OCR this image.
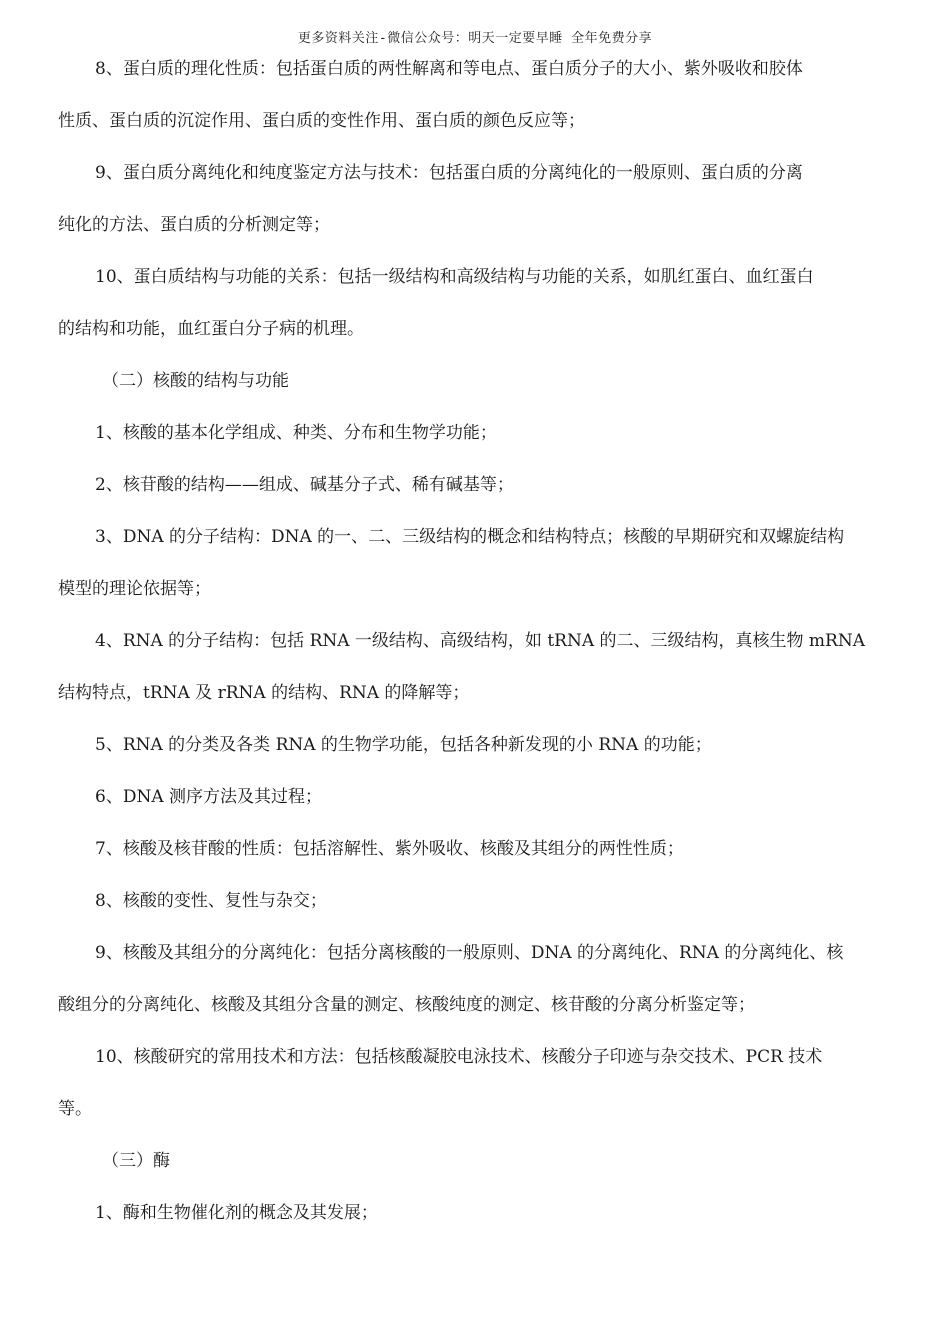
更多资料关注-微信公众号：明天一定要早睡 全年免费分享
8、蛋白质的理化性质：包括蛋白质的两性解离和等电点、蛋白质分子的大小、紫外吸收和胶体
性质、蛋白质的沉淀作用、蛋白质的变性作用、蛋白质的颜色反应等；
9、蛋白质分离纯化和纯度鉴定方法与技术：包括蛋白质的分离纯化的一般原则、蛋白质的分离
纯化的方法、蛋白质的分析测定等；
10、蛋白质结构与功能的关系：包括一级结构和高级结构与功能的关系，如肌红蛋白、血红蛋白
的结构和功能，血红蛋白分子病的机理。
（二）核酸的结构与功能
1、核酸的基本化学组成、种类、分布和生物学功能；
2、核苷酸的结构——组成、碱基分子式、稀有碱基等；
3、DNA 的分子结构：DNA 的一、二、三级结构的概念和结构特点；核酸的早期研究和双螺旋结构
模型的理论依据等；
4、RNA 的分子结构：包括 RNA 一级结构、高级结构，如 tRNA 的二、三级结构，真核生物 mRNA
结构特点，tRNA 及 rRNA 的结构、RNA 的降解等；
5、RNA 的分类及各类 RNA 的生物学功能，包括各种新发现的小 RNA 的功能；
6、DNA 测序方法及其过程；
7、核酸及核苷酸的性质：包括溶解性、紫外吸收、核酸及其组分的两性性质；
8、核酸的变性、复性与杂交；
9、核酸及其组分的分离纯化：包括分离核酸的一般原则、DNA 的分离纯化、RNA 的分离纯化、核
酸组分的分离纯化、核酸及其组分含量的测定、核酸纯度的测定、核苷酸的分离分析鉴定等；
10、核酸研究的常用技术和方法：包括核酸凝胶电泳技术、核酸分子印迹与杂交技术、PCR 技术
等。
（三）酶
1、酶和生物催化剂的概念及其发展；
